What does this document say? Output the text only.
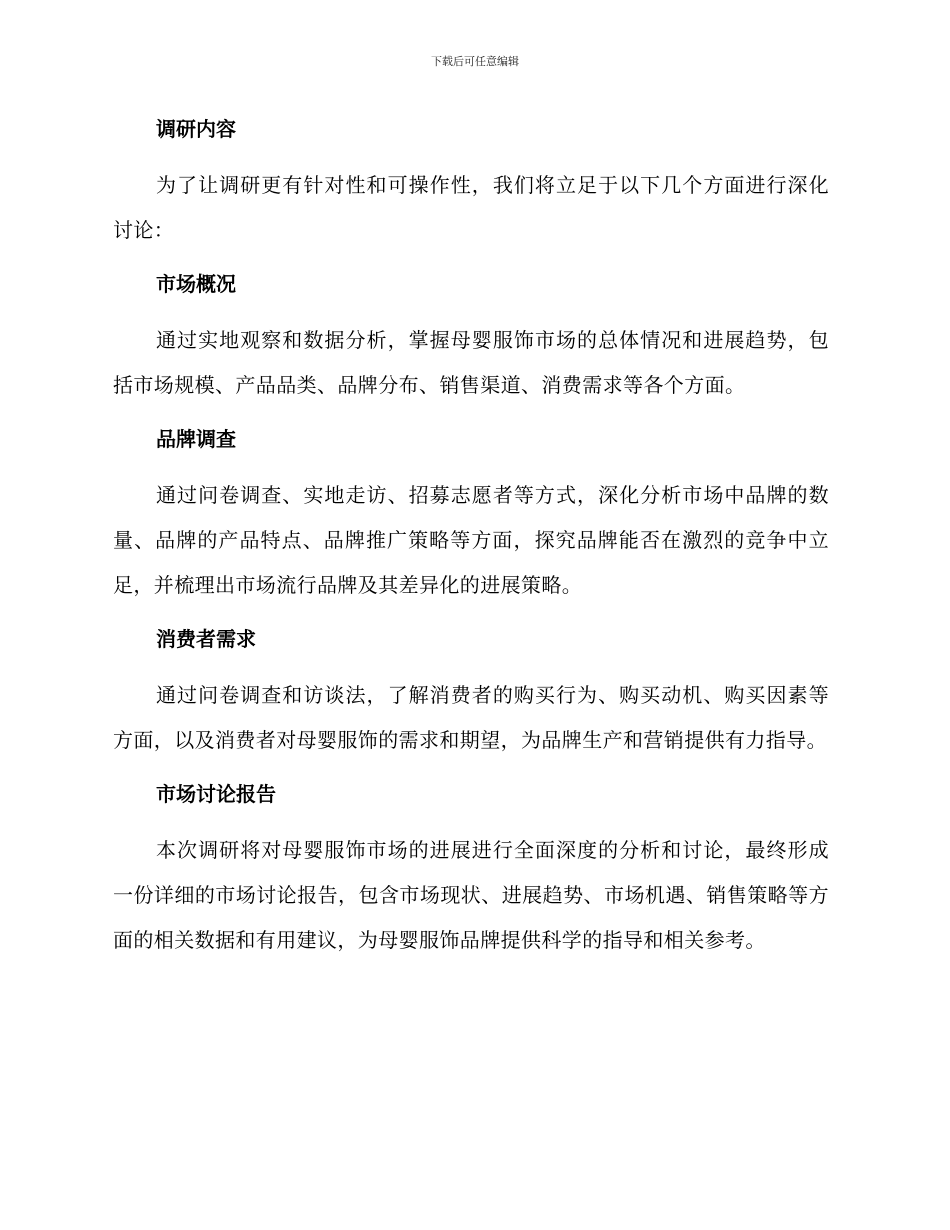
下载后可任意编辑
调研内容

为了让调研更有针对性和可操作性，我们将立足于以下几个方面进行深化讨论：

市场概况

通过实地观察和数据分析，掌握母婴服饰市场的总体情况和进展趋势，包括市场规模、产品品类、品牌分布、销售渠道、消费需求等各个方面。

品牌调查

通过问卷调查、实地走访、招募志愿者等方式，深化分析市场中品牌的数量、品牌的产品特点、品牌推广策略等方面，探究品牌能否在激烈的竞争中立足，并梳理出市场流行品牌及其差异化的进展策略。

消费者需求

通过问卷调查和访谈法，了解消费者的购买行为、购买动机、购买因素等方面，以及消费者对母婴服饰的需求和期望，为品牌生产和营销提供有力指导。

市场讨论报告

本次调研将对母婴服饰市场的进展进行全面深度的分析和讨论，最终形成一份详细的市场讨论报告，包含市场现状、进展趋势、市场机遇、销售策略等方面的相关数据和有用建议，为母婴服饰品牌提供科学的指导和相关参考。
